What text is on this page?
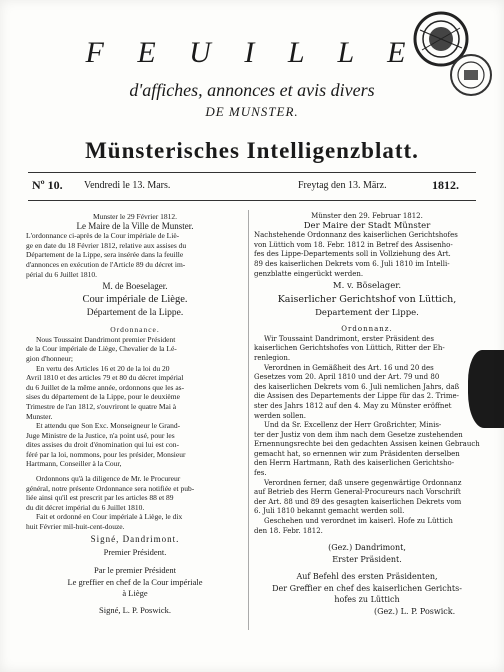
F E U I L L E
d'affiches, annonces et avis divers
DE MUNSTER.
Münsterisches Intelligenzblatt.
Nº 10. Vendredi le 13. Mars.	Freytag den 13. März.	1812.

Munster le 29 Février 1812.

Le Maire de la Ville de Munster.

L'ordonnance ci-après de la Cour impériale de Liè-

ge en date du 18 Février 1812, relative aux assises du

Département de la Lippe, sera insérée dans la feuille

d'annonces en exécution de l'Article 89 du décret im-

périal du 6 Juillet 1810.

M. de Boeselager.

Cour impériale de Liège.

Département de la Lippe.

Ordonnance.

Nous Toussaint Dandrimont premier Président

de la Cour impériale de Liège, Chevalier de la Lé-

gion d'honneur;

En vertu des Articles 16 et 20 de la loi du 20

Avril 1810 et des articles 79 et 80 du décret impérial

du 6 Juillet de la même année, ordonnons que les as-

sises du département de la Lippe, pour le deuxième

Trimestre de l'an 1812, s'ouvriront le quatre Mai à

Munster.

Et attendu que Son Exc. Monseigneur le Grand-

Juge Ministre de la Justice, n'a point usé, pour les

dites assises du droit d'énomination qui lui est con-

féré par la loi, nommons, pour les présider, Monsieur

Hartmann, Conseiller à la Cour,

Ordonnons qu'à la diligence de Mr. le Procureur

général, notre présente Ordonnance sera notifiée et pub-

liée ainsi qu'il est prescrit par les articles 88 et 89

du dit décret impérial du 6 Juillet 1810.

Fait et ordonné en Cour impériale à Liège, le dix

huit Février mil-huit-cent-douze.

Signé, Dandrimont.

Premier Président.

Par le premier Président

Le greffier en chef de la Cour impériale

à Liège

Signé, L. P. Poswick.

Münster den 29. Februar 1812.

Der Maire der Stadt Münster

Nachstehende Ordonnanz des kaiserlichen Gerichtshofes

von Lüttich vom 18. Febr. 1812 in Betref des Assisenho-

fes des Lippe-Departements soll in Vollziehung des Art.

89 des kaiserlichen Dekrets vom 6. Juli 1810 im Intelli-

genzblatte eingerückt werden.

M. v. Böselager.

Kaiserlicher Gerichtshof von Lüttich,

Departement der Lippe.

Ordonnanz.

Wir Toussaint Dandrimont, erster Präsident des

kaiserlichen Gerichtshofes von Lüttich, Ritter der Eh-

renlegion.

Verordnen in Gemäßheit des Art. 16 und 20 des

Gesetzes vom 20. April 1810 und der Art. 79 und 80

des kaiserlichen Dekrets vom 6. Juli nemlichen Jahrs, daß

die Assisen des Departements der Lippe für das 2. Trime-

ster des Jahrs 1812 auf den 4. May zu Münster eröffnet

werden sollen.

Und da Sr. Excellenz der Herr Großrichter, Minis-

ter der Justiz von dem ihm nach dem Gesetze zustehenden

Ernennungsrechte bei den gedachten Assisen keinen Gebrauch

gemacht hat, so ernennen wir zum Präsidenten derselben

den Herrn Hartmann, Rath des kaiserlichen Gerichtsho-

fes.

Verordnen ferner, daß unsere gegenwärtige Ordonnanz

auf Betrieb des Herrn General-Procureurs nach Vorschrift

der Art. 88 und 89 des gesagten kaiserlichen Dekrets vom

6. Juli 1810 bekannt gemacht werden soll.

Geschehen und verordnet im kaiserl. Hofe zu Lüttich

den 18. Febr. 1812.

(Gez.) Dandrimont,

Erster Präsident.

Auf Befehl des ersten Präsidenten,

Der Greffier en chef des kaiserlichen Gerichts-

hofes zu Lüttich

(Gez.) L. P. Poswick.
